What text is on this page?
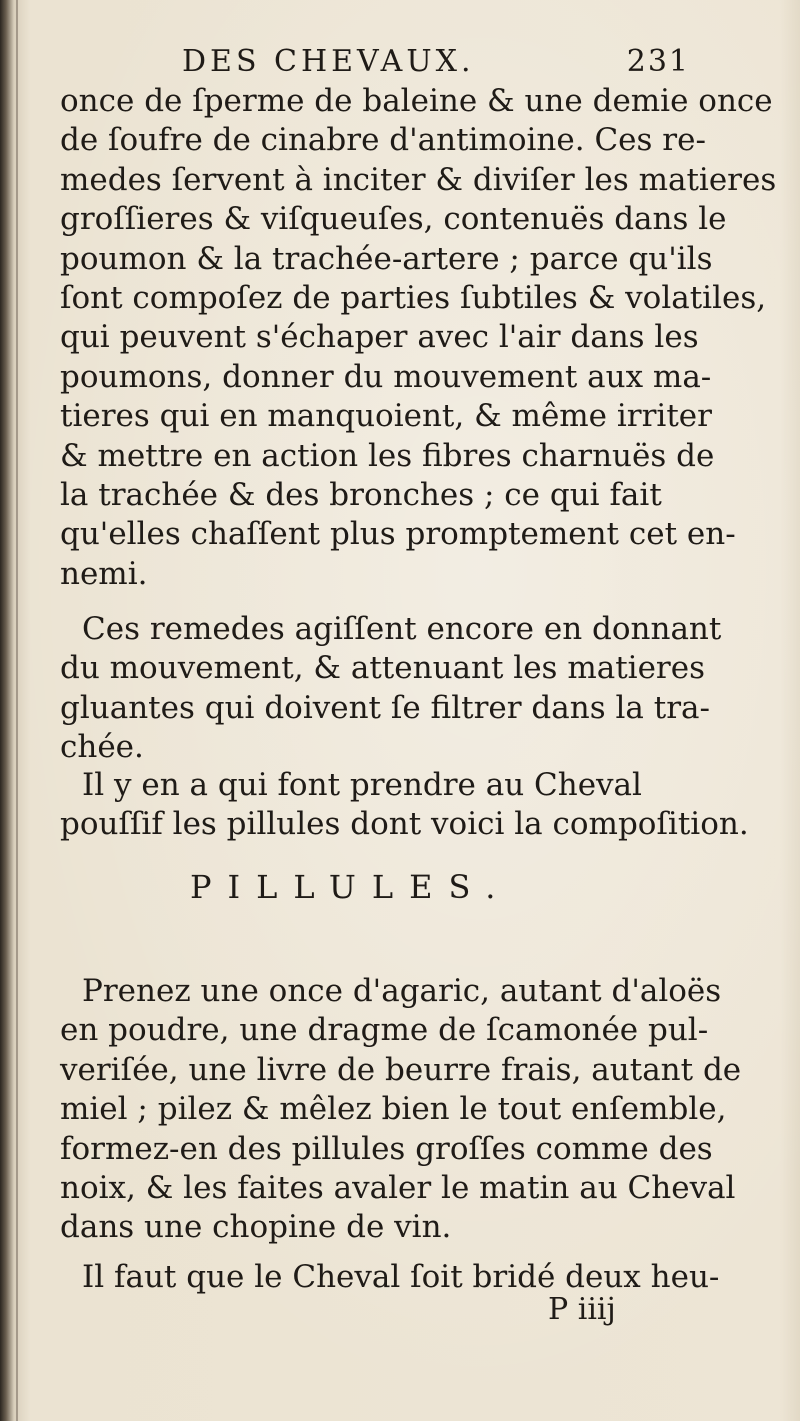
DES CHEVAUX.	231
once de ſperme de baleine & une demie once
de ſoufre de cinabre d'antimoine. Ces re-
medes ſervent à inciter & diviſer les matieres
groſſieres & viſqueuſes, contenuës dans le
poumon & la trachée-artere ; parce qu'ils
ſont compoſez de parties ſubtiles & volatiles,
qui peuvent s'échaper avec l'air dans les
poumons, donner du mouvement aux ma-
tieres qui en manquoient, & même irriter
& mettre en action les fibres charnuës de
la trachée & des bronches ; ce qui fait
qu'elles chaſſent plus promptement cet en-
nemi.
Ces remedes agiſſent encore en donnant
du mouvement, & attenuant les matieres
gluantes qui doivent ſe filtrer dans la tra-
chée.
Il y en a qui font prendre au Cheval
pouſſif les pillules dont voici la compoſition.
PILLULES.
Prenez une once d'agaric, autant d'aloës
en poudre, une dragme de ſcamonée pul-
veriſée, une livre de beurre frais, autant de
miel ; pilez & mêlez bien le tout enſemble,
formez-en des pillules groſſes comme des
noix, & les faites avaler le matin au Cheval
dans une chopine de vin.
Il faut que le Cheval ſoit bridé deux heu-
P iiij
